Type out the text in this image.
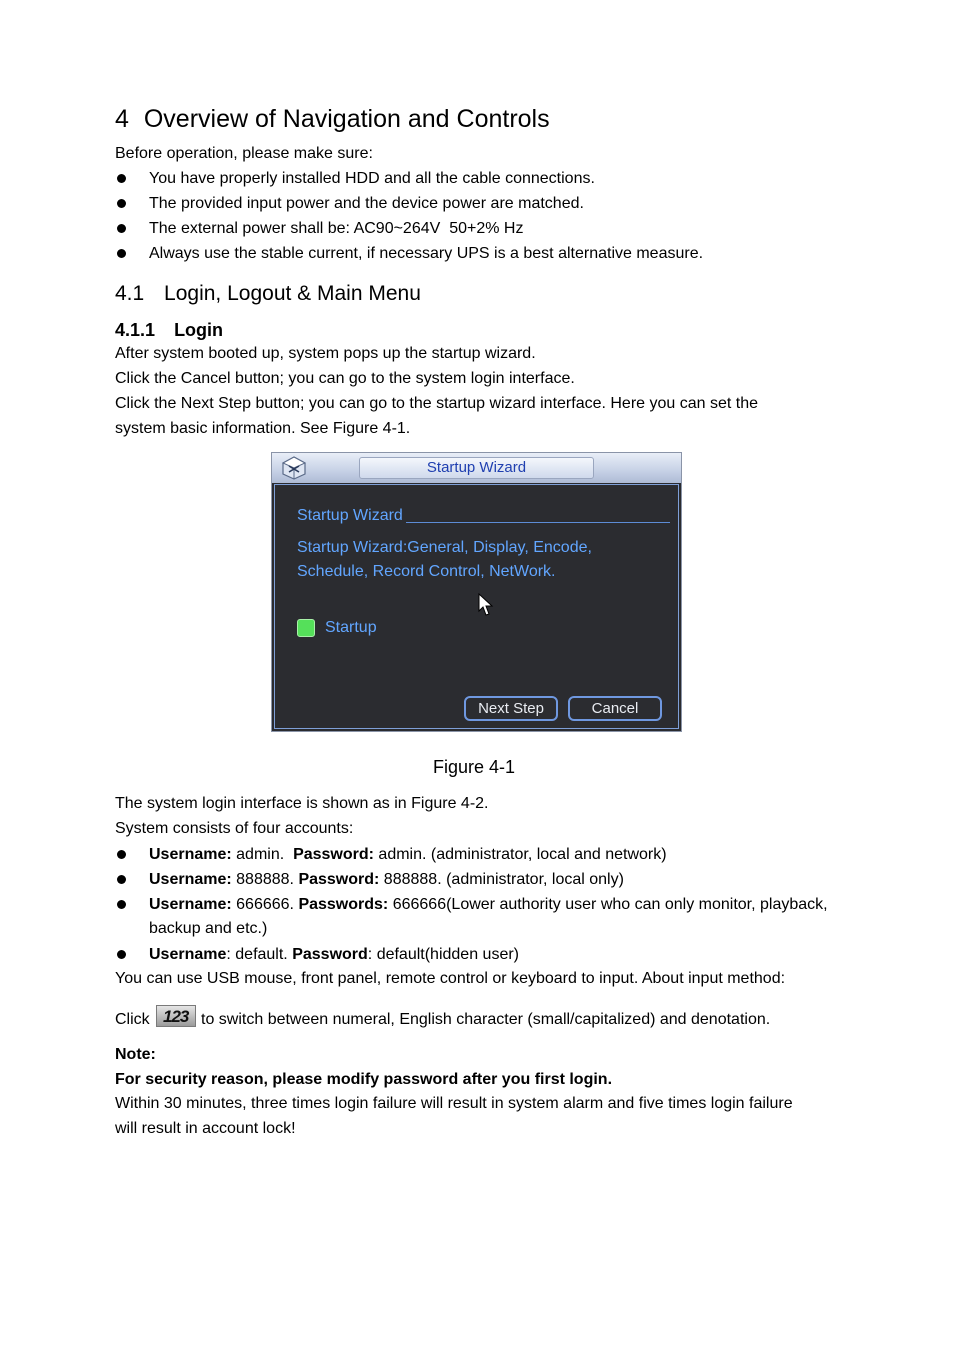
4 Overview of Navigation and Controls
Before operation, please make sure:
You have properly installed HDD and all the cable connections.
The provided input power and the device power are matched.
The external power shall be: AC90~264V  50+2% Hz
Always use the stable current, if necessary UPS is a best alternative measure.
4.1 Login, Logout & Main Menu
4.1.1 Login
After system booted up, system pops up the startup wizard.
Click the Cancel button; you can go to the system login interface.
Click the Next Step button; you can go to the startup wizard interface. Here you can set the
system basic information. See Figure 4-1.
Startup Wizard
Startup Wizard
Startup Wizard:General, Display, Encode,
Schedule, Record Control, NetWork.
Startup
Next Step	Cancel
Figure 4-1
The system login interface is shown as in Figure 4-2.
System consists of four accounts:
Username: admin.  Password: admin. (administrator, local and network)
Username: 888888. Password: 888888. (administrator, local only)
Username: 666666. Passwords: 666666(Lower authority user who can only monitor, playback,
backup and etc.)
Username: default. Password: default(hidden user)
You can use USB mouse, front panel, remote control or keyboard to input. About input method:
Click 123 to switch between numeral, English character (small/capitalized) and denotation.
Note:
For security reason, please modify password after you first login.
Within 30 minutes, three times login failure will result in system alarm and five times login failure
will result in account lock!
